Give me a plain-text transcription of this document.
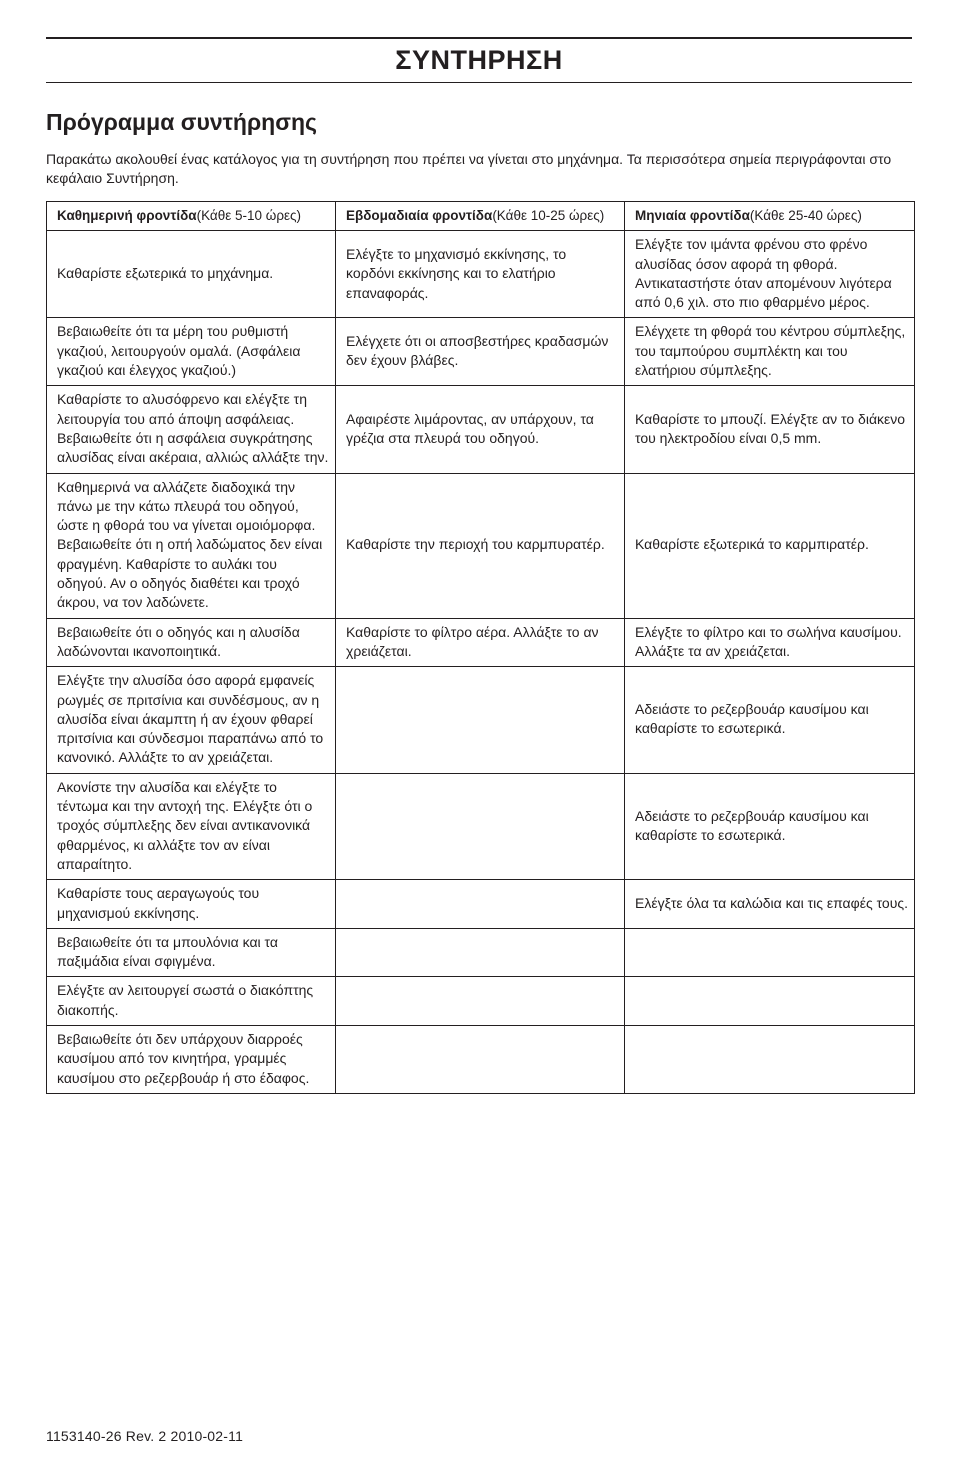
ΣΥΝΤΗΡΗΣΗ
Πρόγραμμα συντήρησης
Παρακάτω ακολουθεί ένας κατάλογος για τη συντήρηση που πρέπει να γίνεται στο μηχάνημα. Τα περισσότερα σημεία περιγράφονται στο κεφάλαιο Συντήρηση.
Καθημερινή φροντίδα(Κάθε 5-10 ώρες)	Εβδομαδιαία φροντίδα(Κάθε 10-25 ώρες)	Μηνιαία φροντίδα(Κάθε 25-40 ώρες)
Καθαρίστε εξωτερικά το μηχάνημα.	Ελέγξτε το μηχανισμό εκκίνησης, το κορδόνι εκκίνησης και το ελατήριο επαναφοράς.	Ελέγξτε τον ιμάντα φρένου στο φρένο αλυσίδας όσον αφορά τη φθορά. Αντικαταστήστε όταν απομένουν λιγότερα από 0,6 χιλ. στο πιο φθαρμένο μέρος.
Βεβαιωθείτε ότι τα μέρη του ρυθμιστή γκαζιού, λειτουργούν ομαλά. (Ασφάλεια γκαζιού και έλεγχος γκαζιού.)	Ελέγχετε ότι οι αποσβεστήρες κραδασμών δεν έχουν βλάβες.	Ελέγχετε τη φθορά του κέντρου σύμπλεξης, του ταμπούρου συμπλέκτη και του ελατήριου σύμπλεξης.
Καθαρίστε το αλυσόφρενο και ελέγξτε τη λειτουργία του από άποψη ασφάλειας. Βεβαιωθείτε ότι η ασφάλεια συγκράτησης αλυσίδας είναι ακέραια, αλλιώς αλλάξτε την.	Αφαιρέστε λιμάροντας, αν υπάρχουν, τα γρέζια στα πλευρά του οδηγού.	Καθαρίστε το μπουζί. Ελέγξτε αν το διάκενο του ηλεκτροδίου είναι 0,5 mm.
Καθημερινά να αλλάζετε διαδοχικά την πάνω με την κάτω πλευρά του οδηγού, ώστε η φθορά του να γίνεται ομοιόμορφα. Βεβαιωθείτε ότι η οπή λαδώματος δεν είναι φραγμένη. Καθαρίστε το αυλάκι του οδηγού. Αν ο οδηγός διαθέτει και τροχό άκρου, να τον λαδώνετε.	Καθαρίστε την περιοχή του καρμπυρατέρ.	Καθαρίστε εξωτερικά το καρμπιρατέρ.
Βεβαιωθείτε ότι ο οδηγός και η αλυσίδα λαδώνονται ικανοποιητικά.	Καθαρίστε το φίλτρο αέρα. Αλλάξτε το αν χρειάζεται.	Ελέγξτε το φίλτρο και το σωλήνα καυσίμου. Αλλάξτε τα αν χρειάζεται.
Ελέγξτε την αλυσίδα όσο αφορά εμφανείς ρωγμές σε πριτσίνια και συνδέσμους, αν η αλυσίδα είναι άκαμπτη ή αν έχουν φθαρεί πριτσίνια και σύνδεσμοι παραπάνω από το κανονικό. Αλλάξτε το αν χρειάζεται.		Αδειάστε το ρεζερβουάρ καυσίμου και καθαρίστε το εσωτερικά.
Ακονίστε την αλυσίδα και ελέγξτε το τέντωμα και την αντοχή της. Ελέγξτε ότι ο τροχός σύμπλεξης δεν είναι αντικανονικά φθαρμένος, κι αλλάξτε τον αν είναι απαραίτητο.		Αδειάστε το ρεζερβουάρ καυσίμου και καθαρίστε το εσωτερικά.
Καθαρίστε τους αεραγωγούς του μηχανισμού εκκίνησης.		Ελέγξτε όλα τα καλώδια και τις επαφές τους.
Βεβαιωθείτε ότι τα μπουλόνια και τα παξιμάδια είναι σφιγμένα.		
Ελέγξτε αν λειτουργεί σωστά ο διακόπτης διακοπής.		
Βεβαιωθείτε ότι δεν υπάρχουν διαρροές καυσίμου από τον κινητήρα, γραμμές καυσίμου στο ρεζερβουάρ ή στο έδαφος.		
1153140-26 Rev. 2 2010-02-11
